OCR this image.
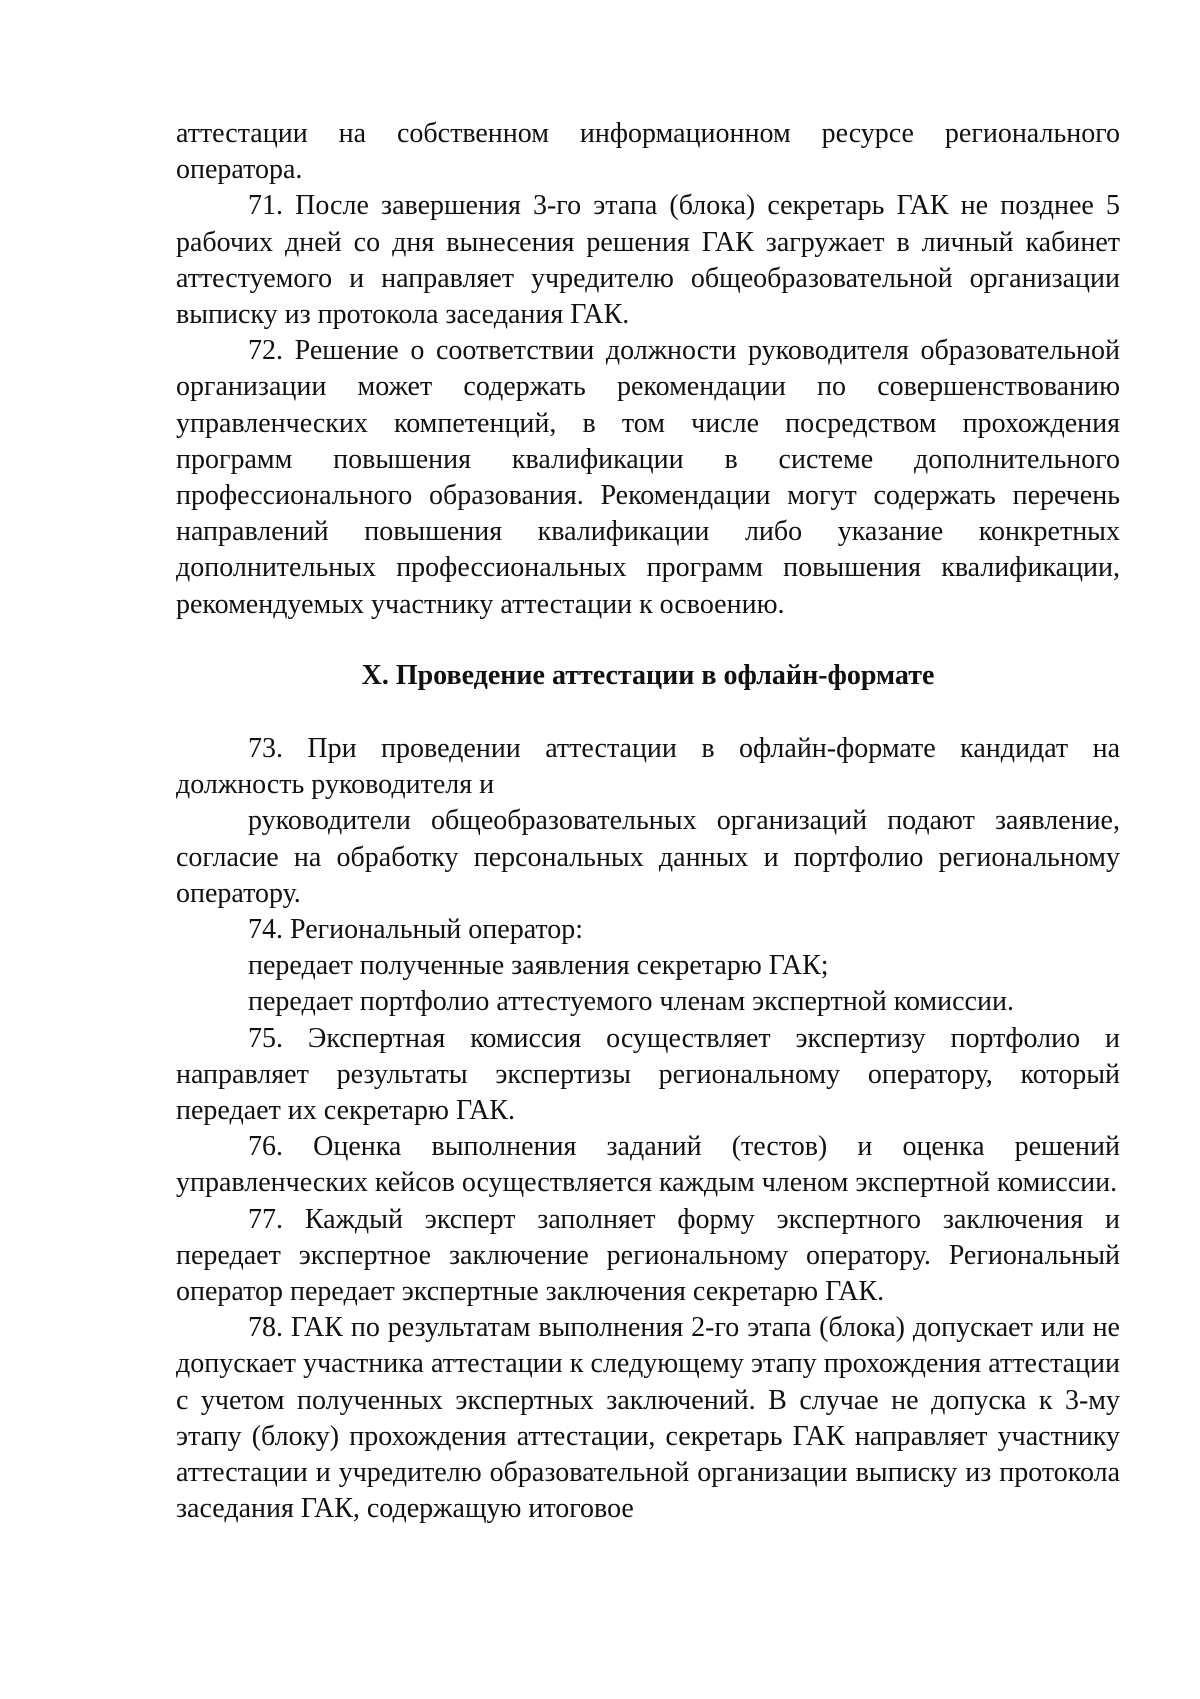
аттестации на собственном информационном ресурсе регионального оператора.

71. После завершения 3-го этапа (блока) секретарь ГАК не позднее 5 рабочих дней со дня вынесения решения ГАК загружает в личный кабинет аттестуемого и направляет учредителю общеобразовательной организации выписку из протокола заседания ГАК.

72. Решение о соответствии должности руководителя образовательной организации может содержать рекомендации по совершенствованию управленческих компетенций, в том числе посредством прохождения программ повышения квалификации в системе дополнительного профессионального образования. Рекомендации могут содержать перечень направлений повышения квалификации либо указание конкретных дополнительных профессиональных программ повышения квалификации, рекомендуемых участнику аттестации к освоению.

X. Проведение аттестации в офлайн-формате

73. При проведении аттестации в офлайн-формате кандидат на должность руководителя и

руководители общеобразовательных организаций подают заявление, согласие на обработку персональных данных и портфолио региональному оператору.

74. Региональный оператор:

передает полученные заявления секретарю ГАК;

передает портфолио аттестуемого членам экспертной комиссии.

75. Экспертная комиссия осуществляет экспертизу портфолио и направляет результаты экспертизы региональному оператору, который передает их секретарю ГАК.

76. Оценка выполнения заданий (тестов) и оценка решений управленческих кейсов осуществляется каждым членом экспертной комиссии.

77. Каждый эксперт заполняет форму экспертного заключения и передает экспертное заключение региональному оператору. Региональный оператор передает экспертные заключения секретарю ГАК.

78. ГАК по результатам выполнения 2-го этапа (блока) допускает или не допускает участника аттестации к следующему этапу прохождения аттестации с учетом полученных экспертных заключений. В случае не допуска к 3-му этапу (блоку) прохождения аттестации, секретарь ГАК направляет участнику аттестации и учредителю образовательной организации выписку из протокола заседания ГАК, содержащую итоговое
